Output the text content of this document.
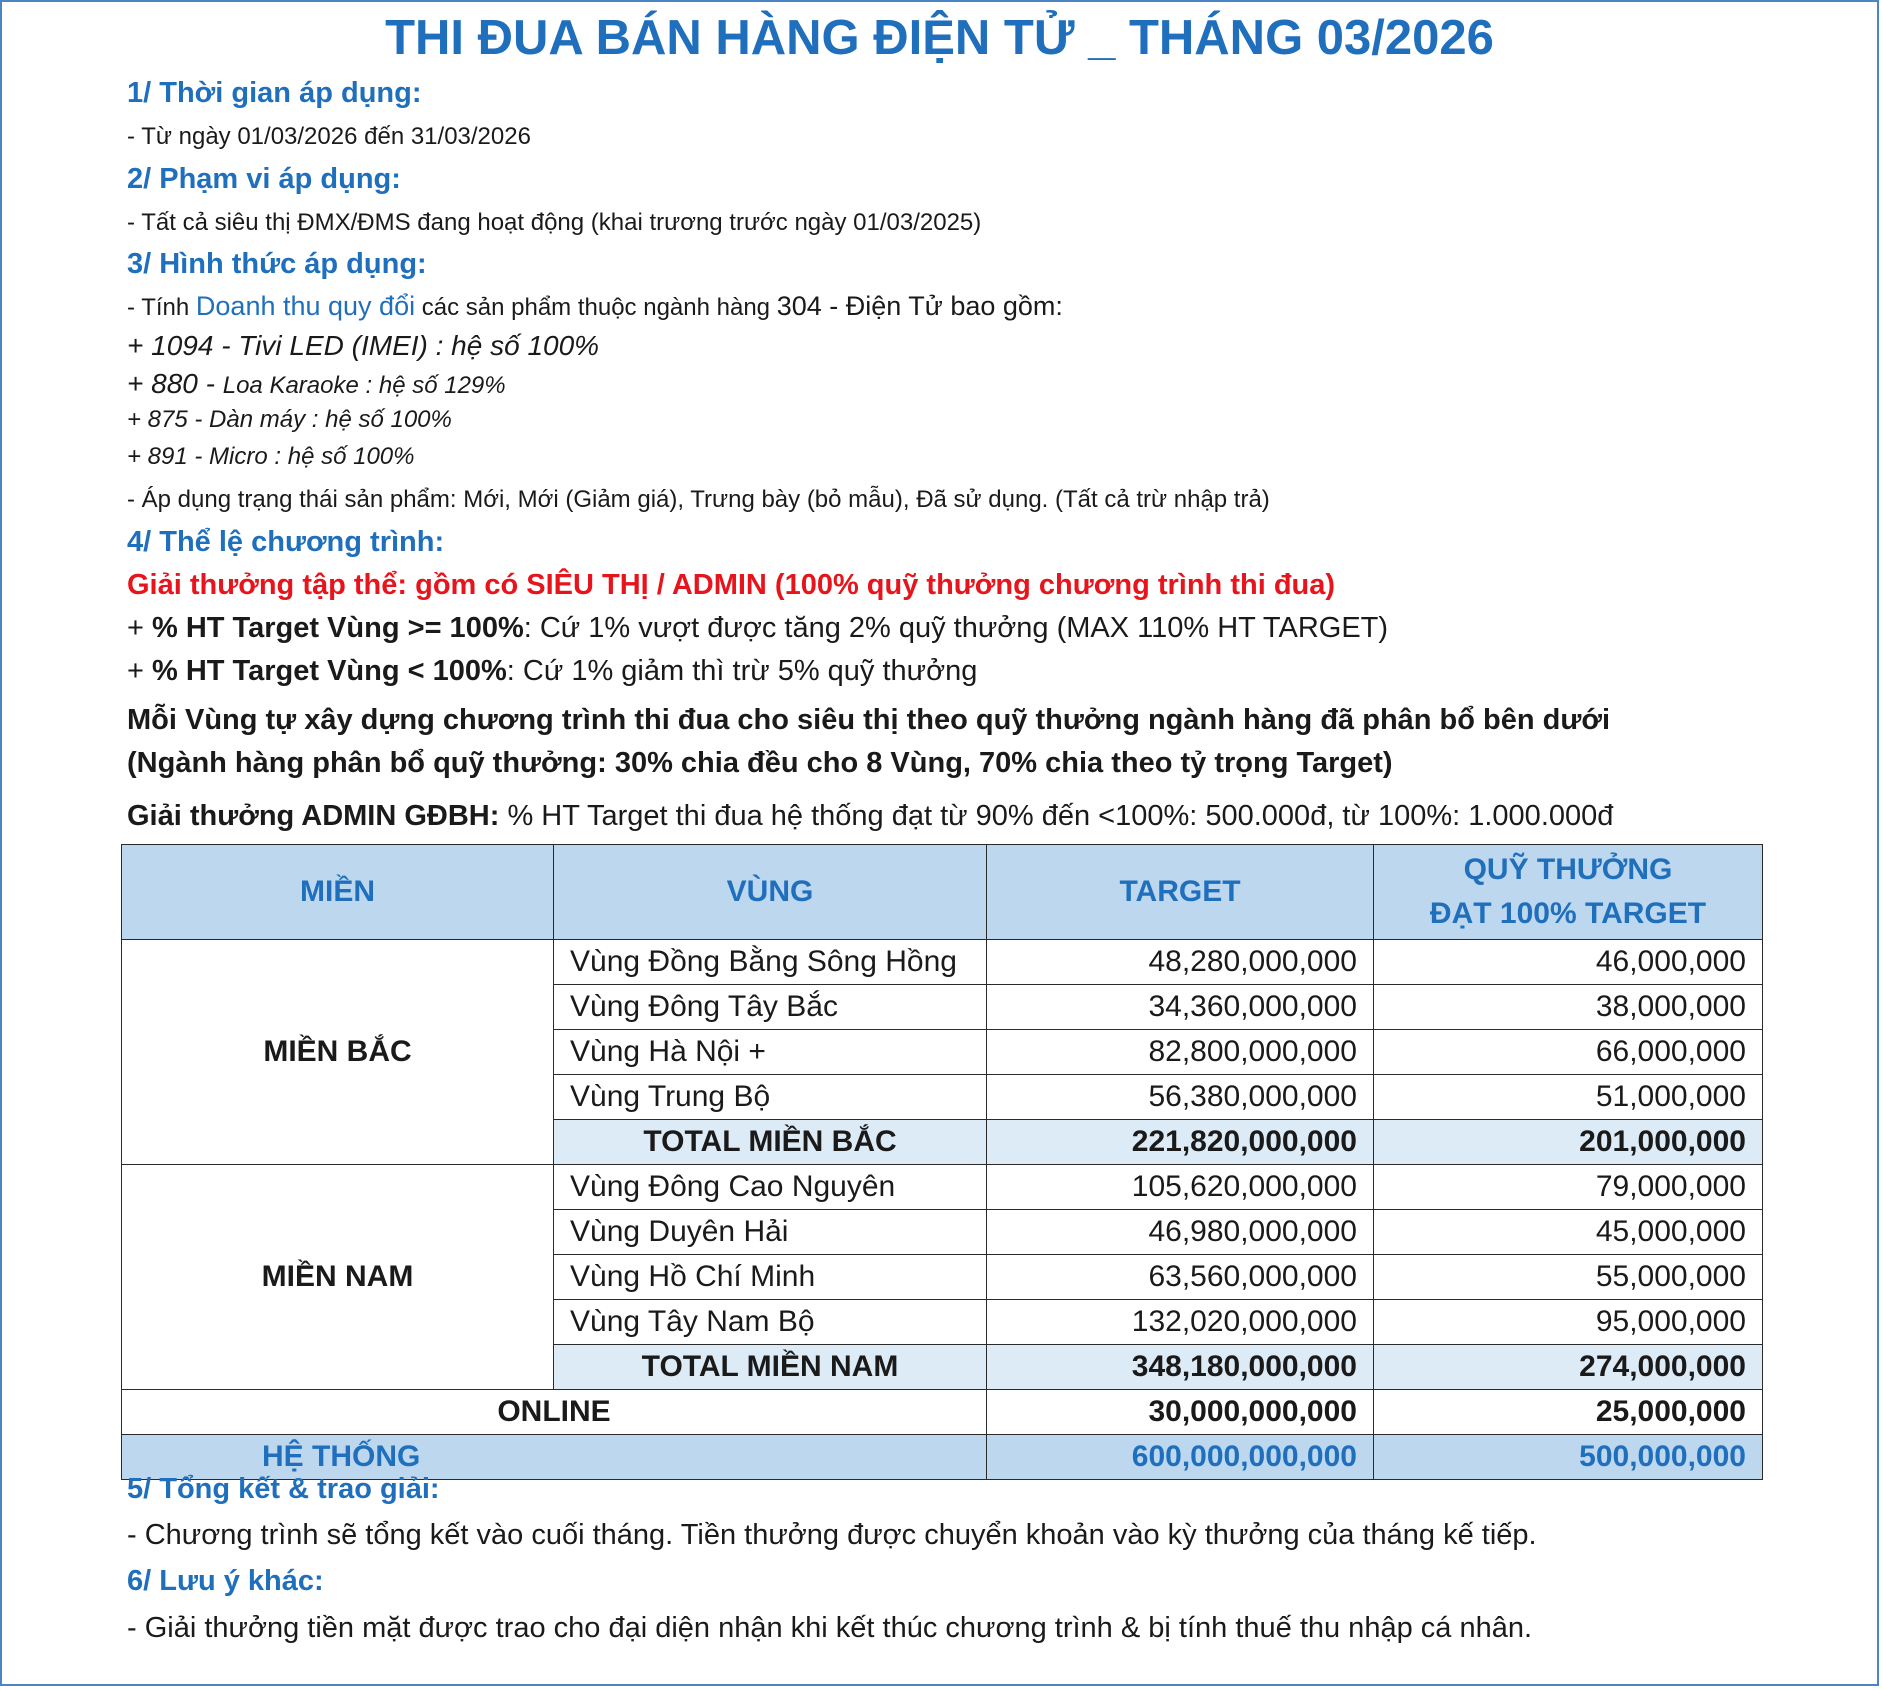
THI ĐUA BÁN HÀNG ĐIỆN TỬ _ THÁNG 03/2026
1/ Thời gian áp dụng:
- Từ ngày 01/03/2026 đến 31/03/2026
2/ Phạm vi áp dụng:
- Tất cả siêu thị ĐMX/ĐMS đang hoạt động (khai trương trước ngày 01/03/2025)
3/ Hình thức áp dụng:
- Tính Doanh thu quy đổi các sản phẩm thuộc ngành hàng 304 - Điện Tử bao gồm:
+ 1094 - Tivi LED (IMEI) : hệ số 100%
+ 880 - Loa Karaoke : hệ số 129%
+ 875 - Dàn máy : hệ số 100%
+ 891 - Micro : hệ số 100%
- Áp dụng trạng thái sản phẩm: Mới, Mới (Giảm giá), Trưng bày (bỏ mẫu), Đã sử dụng. (Tất cả trừ nhập trả)
4/ Thể lệ chương trình:
Giải thưởng tập thể: gồm có SIÊU THỊ / ADMIN (100% quỹ thưởng chương trình thi đua)
+ % HT Target Vùng >= 100%: Cứ 1% vượt được tăng 2% quỹ thưởng (MAX 110% HT TARGET)
+ % HT Target Vùng < 100%: Cứ 1% giảm thì trừ 5% quỹ thưởng
Mỗi Vùng tự xây dựng chương trình thi đua cho siêu thị theo quỹ thưởng ngành hàng đã phân bổ bên dưới
(Ngành hàng phân bổ quỹ thưởng: 30% chia đều cho 8 Vùng, 70% chia theo tỷ trọng Target)
Giải thưởng ADMIN GĐBH: % HT Target thi đua hệ thống đạt từ 90% đến <100%: 500.000đ, từ 100%: 1.000.000đ
MIỀN	VÙNG	TARGET	QUỸ THƯỞNG
ĐẠT 100% TARGET
MIỀN BẮC	Vùng Đồng Bằng Sông Hồng	48,280,000,000	46,000,000
	Vùng Đông Tây Bắc	34,360,000,000	38,000,000
	Vùng Hà Nội +	82,800,000,000	66,000,000
	Vùng Trung Bộ	56,380,000,000	51,000,000
	TOTAL MIỀN BẮC	221,820,000,000	201,000,000
MIỀN NAM	Vùng Đông Cao Nguyên	105,620,000,000	79,000,000
	Vùng Duyên Hải	46,980,000,000	45,000,000
	Vùng Hồ Chí Minh	63,560,000,000	55,000,000
	Vùng Tây Nam Bộ	132,020,000,000	95,000,000
	TOTAL MIỀN NAM	348,180,000,000	274,000,000
ONLINE		30,000,000,000	25,000,000
HỆ THỐNG		600,000,000,000	500,000,000
5/ Tổng kết & trao giải:
- Chương trình sẽ tổng kết vào cuối tháng. Tiền thưởng được chuyển khoản vào kỳ thưởng của tháng kế tiếp.
6/ Lưu ý khác:
- Giải thưởng tiền mặt được trao cho đại diện nhận khi kết thúc chương trình & bị tính thuế thu nhập cá nhân.
